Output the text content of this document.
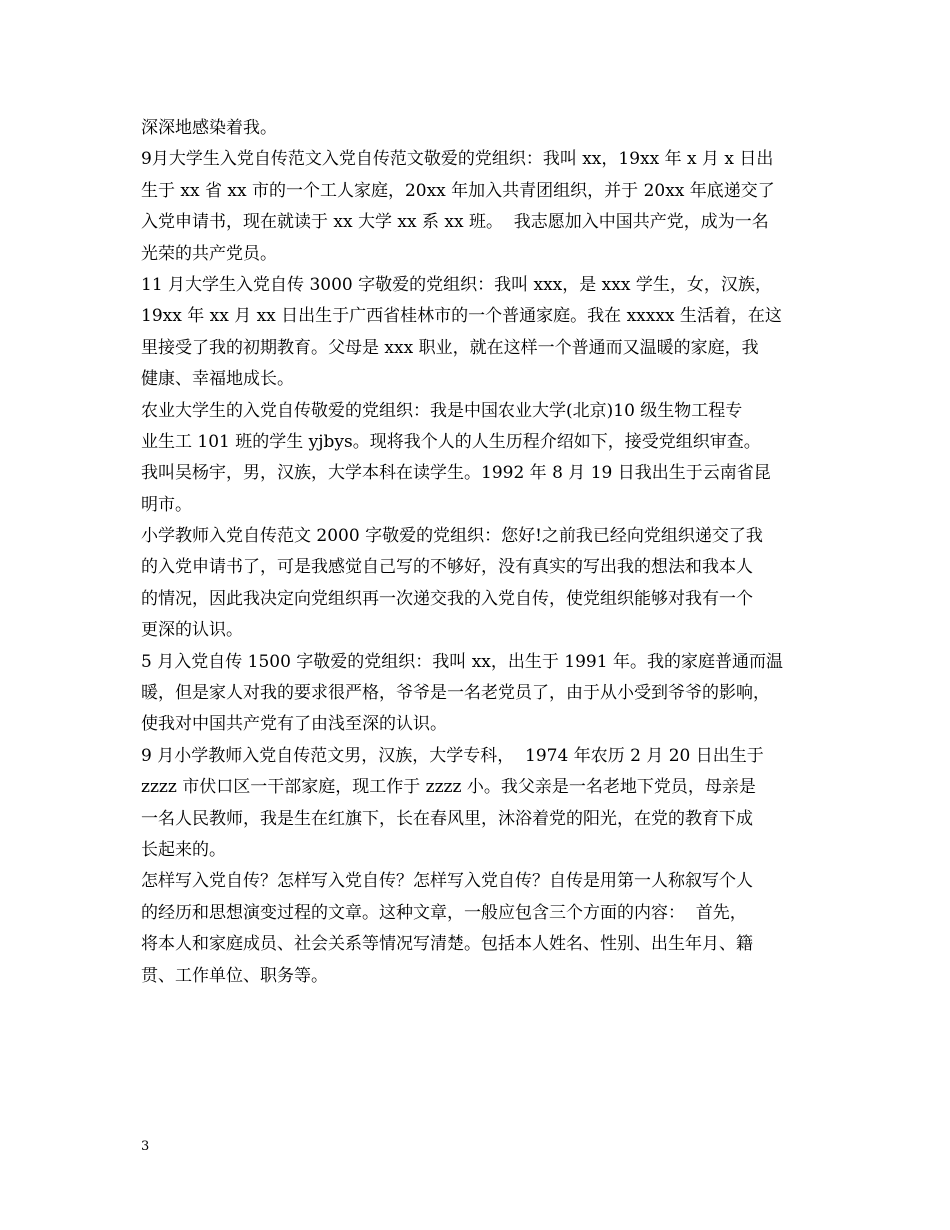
深深地感染着我。
9月大学生入党自传范文入党自传范文敬爱的党组织：我叫 xx，19xx 年 x 月 x 日出
生于 xx 省 xx 市的一个工人家庭，20xx 年加入共青团组织，并于 20xx 年底递交了
入党申请书，现在就读于 xx 大学 xx 系 xx 班。  我志愿加入中国共产党，成为一名
光荣的共产党员。
11 月大学生入党自传 3000 字敬爱的党组织：我叫 xxx，是 xxx 学生，女，汉族，
19xx 年 xx 月 xx 日出生于广西省桂林市的一个普通家庭。我在 xxxxx 生活着，在这
里接受了我的初期教育。父母是 xxx 职业，就在这样一个普通而又温暖的家庭，我
健康、幸福地成长。
农业大学生的入党自传敬爱的党组织：我是中国农业大学(北京)10 级生物工程专
业生工 101 班的学生 yjbys。现将我个人的人生历程介绍如下，接受党组织审查。
我叫吴杨宇，男，汉族，大学本科在读学生。1992 年 8 月 19 日我出生于云南省昆
明市。
小学教师入党自传范文 2000 字敬爱的党组织：您好!之前我已经向党组织递交了我
的入党申请书了，可是我感觉自己写的不够好，没有真实的写出我的想法和我本人
的情况，因此我决定向党组织再一次递交我的入党自传，使党组织能够对我有一个
更深的认识。
5 月入党自传 1500 字敬爱的党组织：我叫 xx，出生于 1991 年。我的家庭普通而温
暖，但是家人对我的要求很严格，爷爷是一名老党员了，由于从小受到爷爷的影响，
使我对中国共产党有了由浅至深的认识。
9 月小学教师入党自传范文男，汉族，大学专科，  1974 年农历 2 月 20 日出生于
zzzz 市伏口区一干部家庭，现工作于 zzzz 小。我父亲是一名老地下党员，母亲是
一名人民教师，我是生在红旗下，长在春风里，沐浴着党的阳光，在党的教育下成
长起来的。
怎样写入党自传？怎样写入党自传？怎样写入党自传？自传是用第一人称叙写个人
的经历和思想演变过程的文章。这种文章，一般应包含三个方面的内容：  首先，
将本人和家庭成员、社会关系等情况写清楚。包括本人姓名、性别、出生年月、籍
贯、工作单位、职务等。
3
